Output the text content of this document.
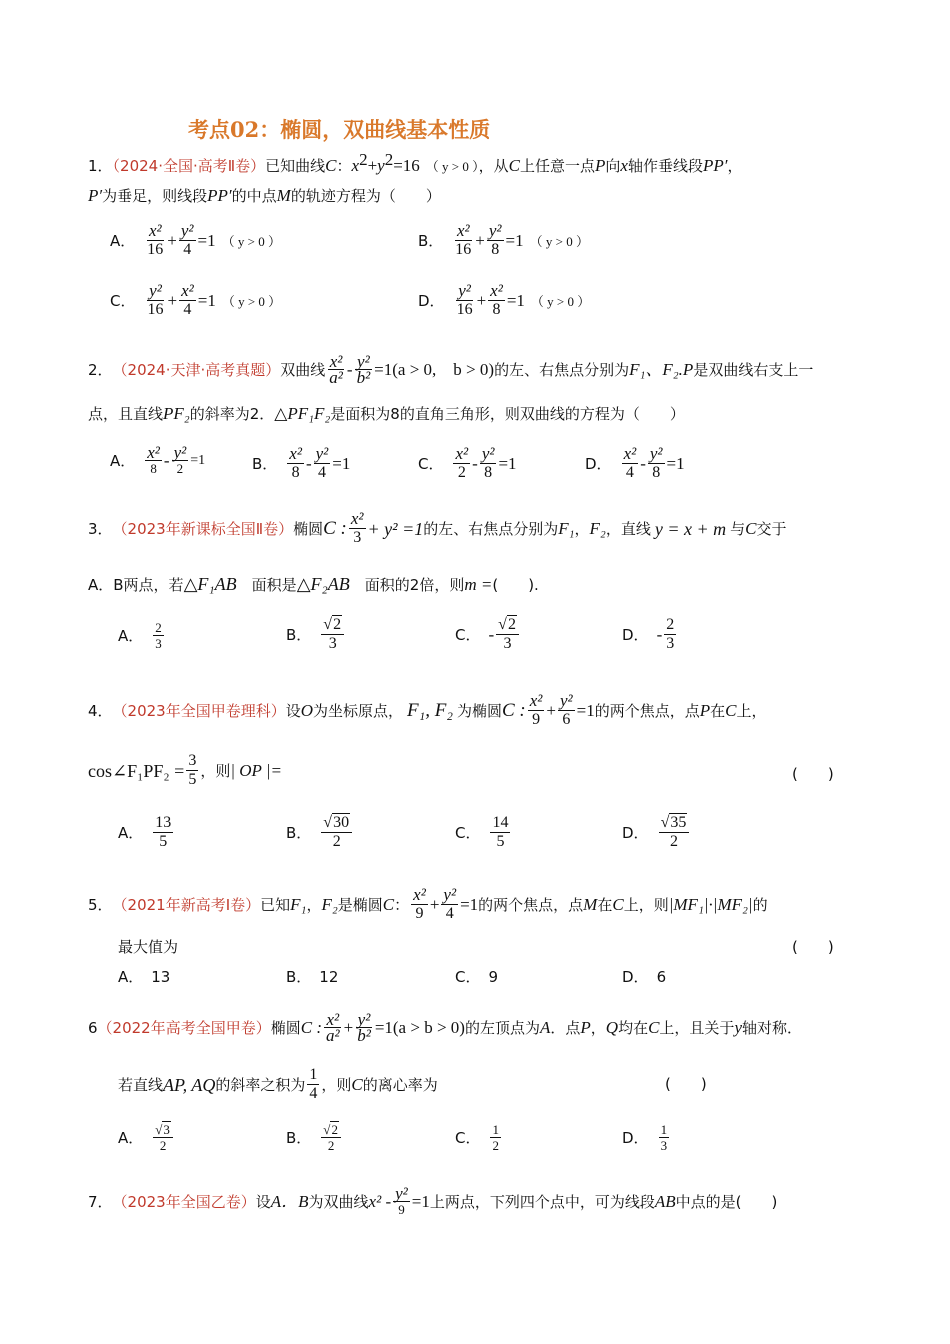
考点02：椭圆，双曲线基本性质
1．（2024·全国·高考Ⅱ卷）已知曲线C：$x^2+y^2=16$ （ y > 0 ），从C上任意一点P向x轴作垂线段PP′，
P′为垂足，则线段PP′的中点M的轨迹方程为（　　）
A． $\frac{\text{x²}}{16} + \frac{\text{y²}}{4} =1$ （ y > 0 ）	B． $\frac{\text{x²}}{16} + \frac{\text{y²}}{8} =1$ （ y > 0 ）
C． $\frac{\text{y²}}{16} + \frac{\text{x²}}{4} =1$ （ y > 0 ）	D． $\frac{\text{y²}}{16} + \frac{\text{x²}}{8} =1$ （ y > 0 ）
2． （2024·天津·高考真题） 双曲线 $\frac{\text{x²}}{\text{a²}} - \frac{\text{y²}}{\text{b²}} =1(a > 0$,　b > 0) 的左、右焦点分别为 F₁、F₂.P 是双曲线右支上一
点，且直线PF₂的斜率为2．△PF₁F₂是面积为8的直角三角形，则双曲线的方程为（　　）
A． $\frac{\text{x²}}{8} - \frac{\text{y²}}{2} =1$	B． $\frac{\text{x²}}{8} - \frac{\text{y²}}{4} =1$	C． $\frac{\text{x²}}{2} - \frac{\text{y²}}{8} =1$	D． $\frac{\text{x²}}{4} - \frac{\text{y²}}{8} =1$
3． （2023年新课标全国Ⅱ卷） 椭圆 C : $\frac{\text{x²}}{3} + y^2 =1$ 的左、右焦点分别为 F₁ ， F₂ ，直线 y = x + m 与 C 交于
A．B两点，若△F₁AB　 面积是△F₂AB　 面积的2倍，则m =(　　).
A． $\frac{2}{3}$	B． $\frac{√2}{3}$	C． - $\frac{√2}{3}$	D． - $\frac{2}{3}$
4． （2023年全国甲卷理科） 设 O 为坐标原点， F₁, F₂ 为椭圆 C : $\frac{\text{x²}}{9} + \frac{\text{y²}}{6} =1$ 的两个焦点，点 P 在 C 上，
cos∠F₁PF₂ = $\frac{3}{5}$ ，则 | OP |=	(　　)
A． $\frac{13}{5}$	B． $\frac{√30}{2}$	C． $\frac{14}{5}$	D． $\frac{√35}{2}$
5． （2021年新高考Ⅰ卷） 已知 F₁ ， F₂ 是椭圆 C ： $\frac{\text{x²}}{9} + \frac{\text{y²}}{4} =1$ 的两个焦点，点 M 在 C 上，则 |MF₁|·|MF₂| 的
最大值为	(　　)
A． 13	B． 12	C． 9	D． 6
6 （2022年高考全国甲卷） 椭圆 C : $\frac{\text{x²}}{\text{a²}} + \frac{\text{y²}}{\text{b²}} =1(a > b > 0)$ 的左顶点为 A ．点 P ， Q 均在 C 上，且关于 y 轴对称．
若直线 AP, AQ 的斜率之积为 $\frac{1}{4}$ ，则 C 的离心率为	(　　)
A． $\frac{√3}{2}$	B． $\frac{√2}{2}$	C． $\frac{1}{2}$	D． $\frac{1}{3}$
7． （2023年全国乙卷） 设 A．B 为双曲线 $x^2 - \frac{\text{y²}}{9} =1$ 上两点，下列四个点中，可为线段 AB 中点的是(　　)
